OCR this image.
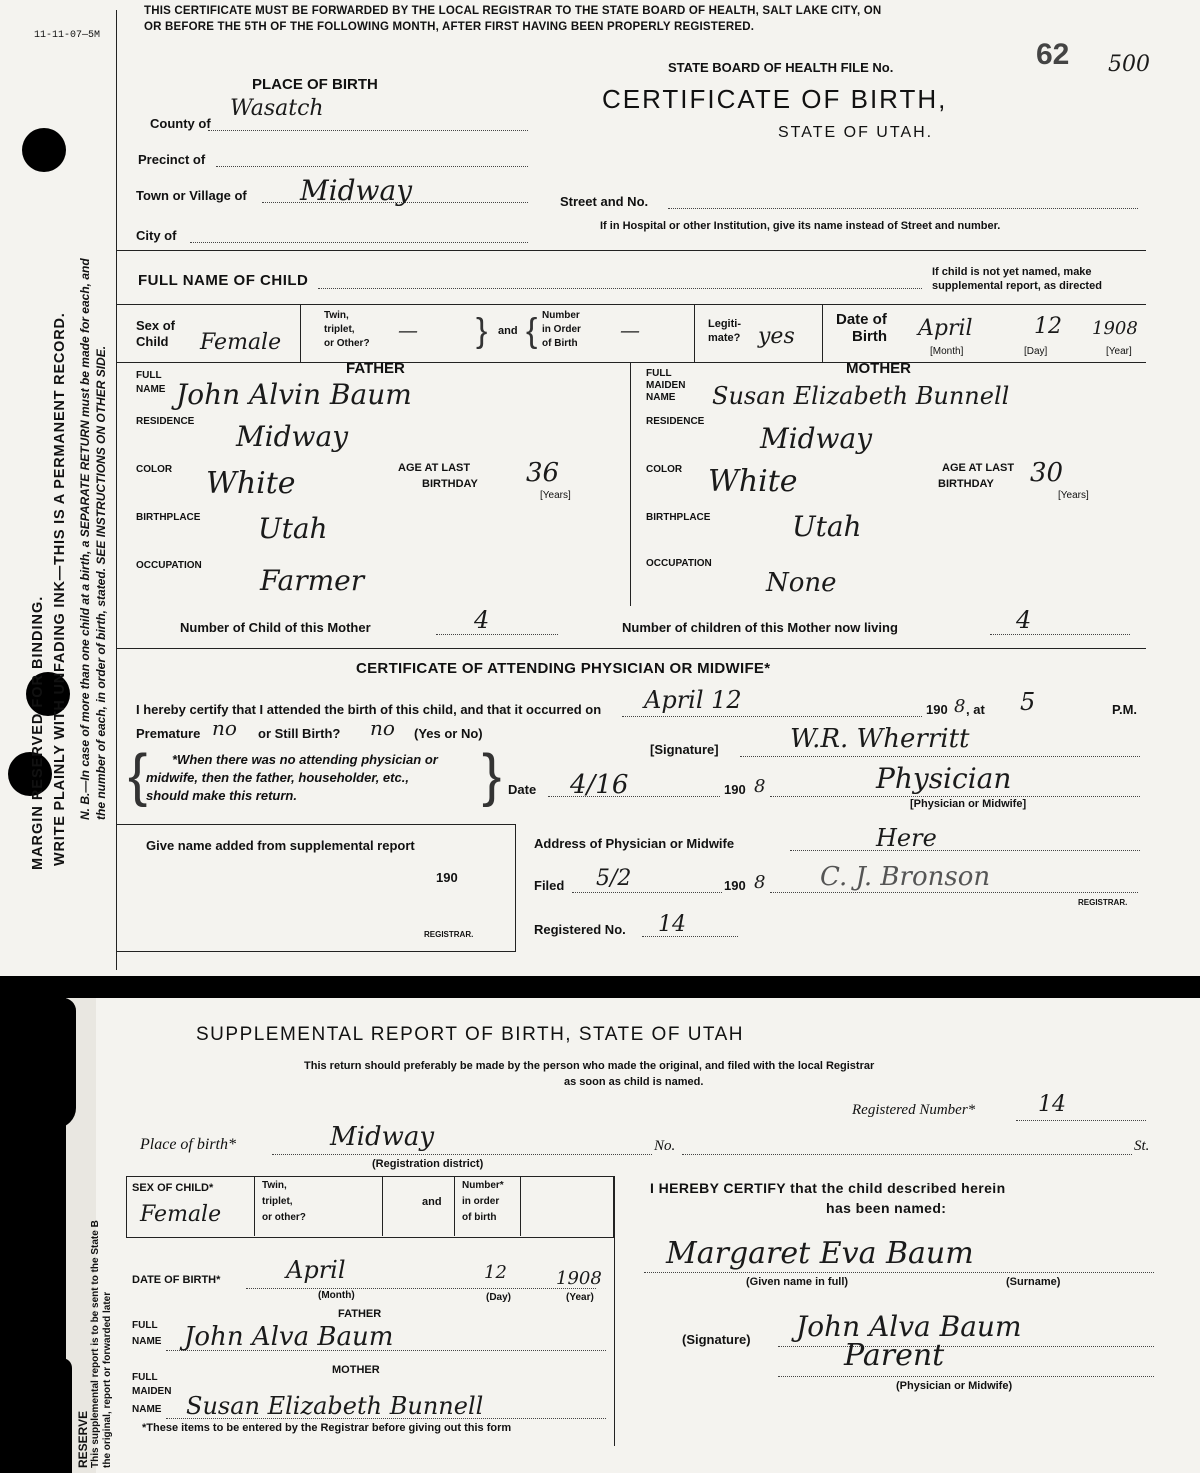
11-11-07—5M
MARGIN RESERVED FOR BINDING. WRITE PLAINLY WITH UNFADING INK—THIS IS A PERMANENT RECORD. N. B.—In case of more than one child at a birth, a SEPARATE RETURN must be made for each, and the number of each, in order of birth, stated. SEE INSTRUCTIONS ON OTHER SIDE.
THIS CERTIFICATE MUST BE FORWARDED BY THE LOCAL REGISTRAR TO THE STATE BOARD OF HEALTH, SALT LAKE CITY, ON
OR BEFORE THE 5TH OF THE FOLLOWING MONTH, AFTER FIRST HAVING BEEN PROPERLY REGISTERED.
STATE BOARD OF HEALTH FILE No.	62 500
CERTIFICATE OF BIRTH,
STATE OF UTAH.
PLACE OF BIRTH
County of
Wasatch
Precinct of
Town or Village of Midway
City of
Street and No.
If in Hospital or other Institution, give its name instead of Street and number.
FULL NAME OF CHILD	If child is not yet named, make
supplemental report, as directed
Sex of
Child Female
Twin,
triplet,
or Other?
— } and { Number
in Order
of Birth
—	Legiti-
mate? yes
Date of
Birth April	12 1908
[Month]	[Day]	[Year]
FATHER
FULL
NAME John Alvin Baum
RESIDENCE Midway
COLOR White	AGE AT LAST
BIRTHDAY 36
[Years]
BIRTHPLACE Utah
OCCUPATION Farmer
MOTHER
FULL
MAIDEN
NAME Susan Elizabeth Bunnell
RESIDENCE
Midway
COLOR White	AGE AT LAST
BIRTHDAY 30
[Years]
BIRTHPLACE	Utah
OCCUPATION
None
Number of Child of this Mother	4	Number of children of this Mother now living	4
CERTIFICATE OF ATTENDING PHYSICIAN OR MIDWIFE*
I hereby certify that I attended the birth of this child, and that it occurred on April 12	190 8 , at 5	P.M.
Premature no or Still Birth? no (Yes or No)
{ *When there was no attending physician or
midwife, then the father, householder, etc.,
should make this return.	}	[Signature]	W.R. Wherritt
Date 4/16	190 8	Physician
[Physician or Midwife]
Give name added from supplemental report
190
REGISTRAR.
Address of Physician or Midwife	Here
Filed 5/2	190 8 C. J. Bronson
REGISTRAR.
Registered No. 14
RESERVE This supplemental report is to be sent to the State B the original, report or forwarded later
SUPPLEMENTAL REPORT OF BIRTH, STATE OF UTAH
This return should preferably be made by the person who made the original, and filed with the local Registrar
as soon as child is named.
Registered Number*	14
Place of birth*	Midway
(Registration district)
No.	St.
SEX OF CHILD*
Female
Twin,
triplet,
or other?
and
Number*
in order
of birth
DATE OF BIRTH*	April	12	1908
(Month)	(Day)	(Year)
FATHER
FULL
NAME John Alva Baum
MOTHER
FULL
MAIDEN
NAME Susan Elizabeth Bunnell
*These items to be entered by the Registrar before giving out this form
I HEREBY CERTIFY that the child described herein
has been named:
Margaret Eva Baum
(Given name in full)	(Surname)
(Signature) John Alva Baum
Parent
(Physician or Midwife)
